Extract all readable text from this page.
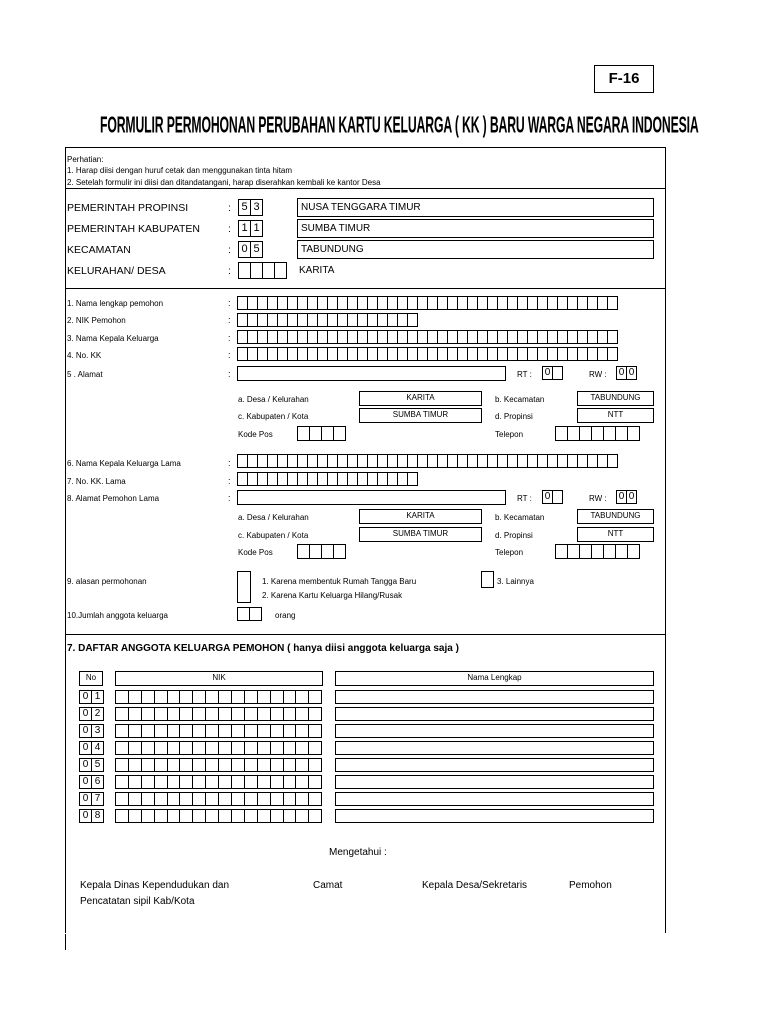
F-16
FORMULIR PERMOHONAN PERUBAHAN KARTU KELUARGA ( KK ) BARU WARGA NEGARA INDONESIA
Perhatian:
1. Harap diisi dengan huruf cetak dan menggunakan tinta hitam
2. Setelah formulir ini diisi dan ditandatangani, harap diserahkan kembali ke kantor Desa
PEMERINTAH PROPINSI	: 5 3	NUSA TENGGARA TIMUR
PEMERINTAH KABUPATEN	: 1 1	SUMBA TIMUR
KECAMATAN	: 0 5	TABUNDUNG
KELURAHAN/ DESA	:	KARITA
1. Nama lengkap pemohon	:
2. NIK Pemohon	:
3. Nama Kepala Keluarga	:
4. No. KK	:
5 . Alamat	:	RT : 0	RW : 0 0
a. Desa / Kelurahan	KARITA	b. Kecamatan	TABUNDUNG
c. Kabupaten / Kota	SUMBA TIMUR	d. Propinsi	NTT
Kode Pos	Telepon
6. Nama Kepala Keluarga Lama	:
7. No. KK. Lama	:
8. Alamat Pemohon Lama	:	RT : 0	RW : 0 0
a. Desa / Kelurahan	KARITA	b. Kecamatan	TABUNDUNG
c. Kabupaten / Kota	SUMBA TIMUR	d. Propinsi	NTT
Kode Pos	Telepon
9. alasan permohonan	1. Karena membentuk Rumah Tangga Baru
2. Karena Kartu Keluarga Hilang/Rusak
3. Lainnya
10.Jumlah anggota keluarga	orang
7. DAFTAR ANGGOTA KELUARGA PEMOHON ( hanya diisi anggota keluarga saja )
No	NIK	Nama Lengkap
0 1
0 2
0 3
0 4
0 5
0 6
0 7
0 8
Mengetahui :
Kepala Dinas Kependudukan dan
Pencatatan sipil Kab/Kota
Camat	Kepala Desa/Sekretaris	Pemohon
